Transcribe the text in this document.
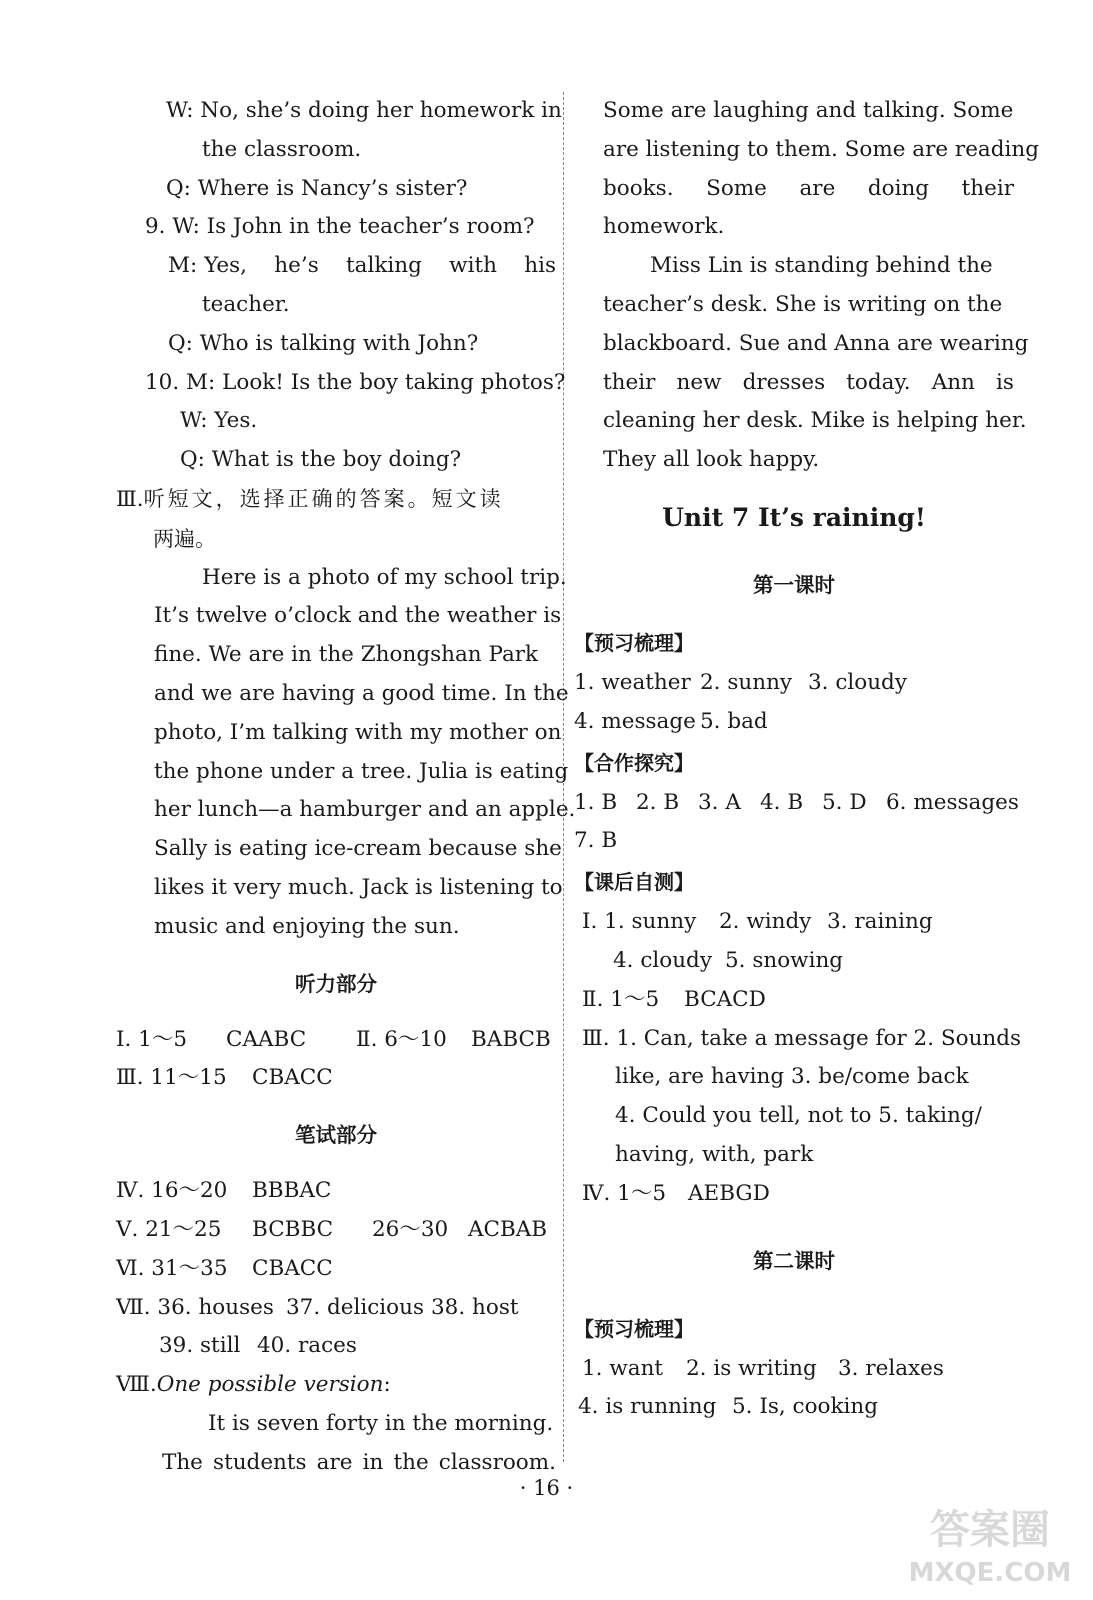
W: No, she’s doing her homework in
the classroom.
Q: Where is Nancy’s sister?
9. W: Is John in the teacher’s room?
M: Yes, he’s talking with his
teacher.
Q: Who is talking with John?
10. M: Look! Is the boy taking photos?
W: Yes.
Q: What is the boy doing?
Ⅲ.听短文，选择正确的答案。短文读
两遍。
Here is a photo of my school trip.
It’s twelve o’clock and the weather is
fine. We are in the Zhongshan Park
and we are having a good time. In the
photo, I’m talking with my mother on
the phone under a tree. Julia is eating
her lunch—a hamburger and an apple.
Sally is eating ice-cream because she
likes it very much. Jack is listening to
music and enjoying the sun.
听力部分
Ⅰ. 1～5 CAABC Ⅱ. 6～10 BABCB
Ⅲ. 11～15 CBACC
笔试部分
Ⅳ. 16～20 BBBAC
Ⅴ. 21～25 BCBBC 26～30 ACBAB
Ⅵ. 31～35 CBACC
Ⅶ. 36. houses 37. delicious 38. host
39. still 40. races
Ⅷ.One possible version:
It is seven forty in the morning.
The students are in the classroom.
Some are laughing and talking. Some
are listening to them. Some are reading
books. Some are doing their
homework.
Miss Lin is standing behind the
teacher’s desk. She is writing on the
blackboard. Sue and Anna are wearing
their new dresses today. Ann is
cleaning her desk. Mike is helping her.
They all look happy.
Unit 7 It’s raining!
第一课时
【预习梳理】
1. weather 2. sunny 3. cloudy
4. message 5. bad
【合作探究】
1. B 2. B 3. A 4. B 5. D 6. messages
7. B
【课后自测】
Ⅰ. 1. sunny 2. windy 3. raining
4. cloudy 5. snowing
Ⅱ. 1～5 BCACD
Ⅲ. 1. Can, take a message for 2. Sounds
like, are having 3. be/come back
4. Could you tell, not to 5. taking/
having, with, park
Ⅳ. 1～5 AEBGD
第二课时
【预习梳理】
1. want 2. is writing 3. relaxes
4. is running 5. Is, cooking
· 16 ·
答案圈
MXQE.COM
